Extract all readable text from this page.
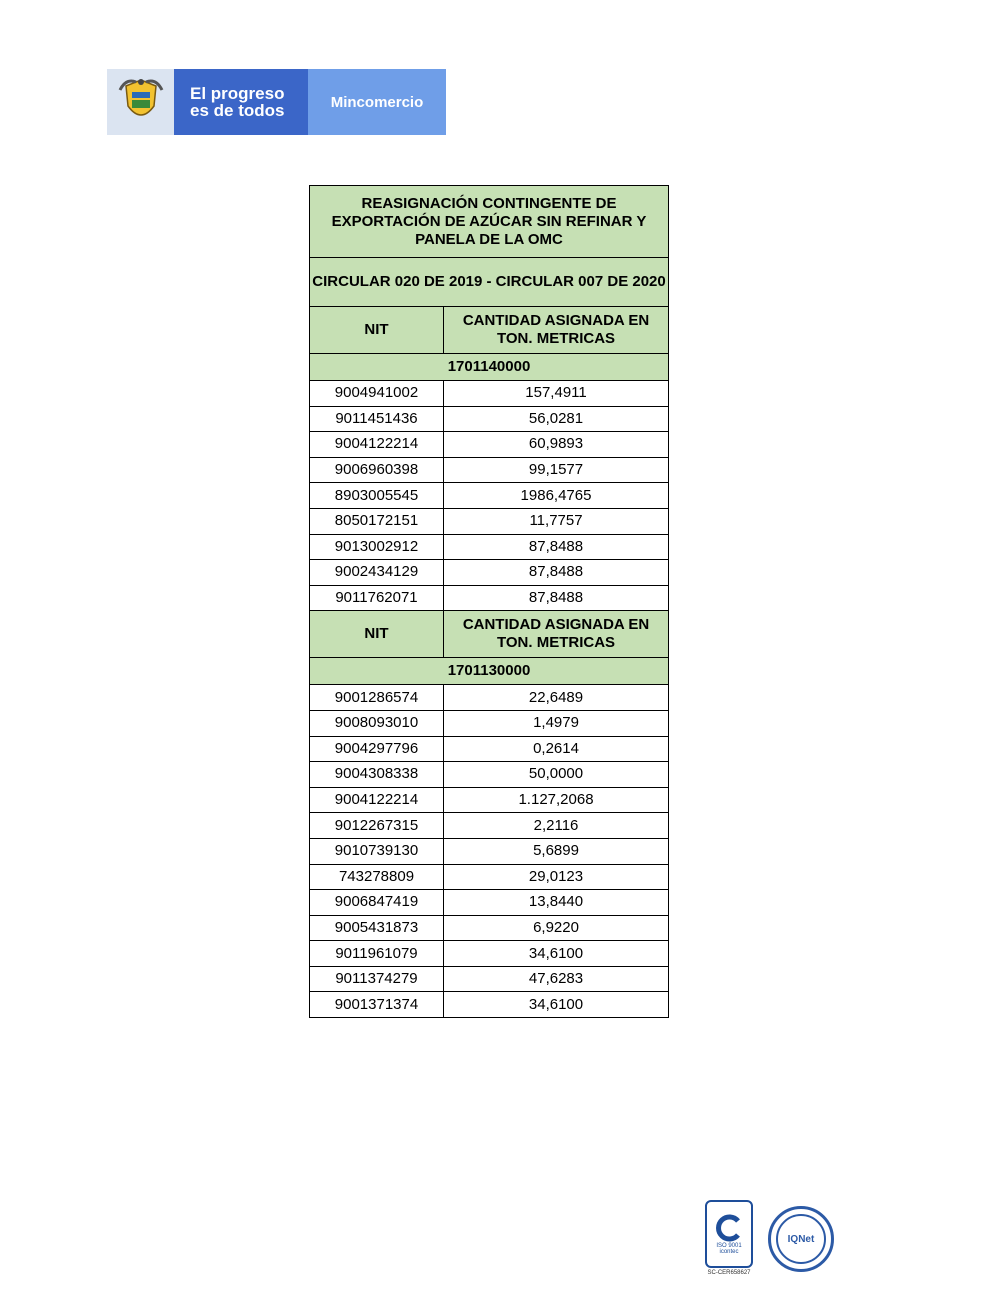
El progreso
es de todos	Mincomercio
REASIGNACIÓN CONTINGENTE DE EXPORTACIÓN DE AZÚCAR SIN REFINAR Y PANELA DE LA OMC	
CIRCULAR 020 DE 2019 - CIRCULAR 007 DE 2020	
NIT	CANTIDAD ASIGNADA EN TON. METRICAS
1701140000	
9004941002	157,4911
9011451436	56,0281
9004122214	60,9893
9006960398	99,1577
8903005545	1986,4765
8050172151	11,7757
9013002912	87,8488
9002434129	87,8488
9011762071	87,8488
NIT	CANTIDAD ASIGNADA EN TON. METRICAS
1701130000	
9001286574	22,6489
9008093010	1,4979
9004297796	0,2614
9004308338	50,0000
9004122214	1.127,2068
9012267315	2,2116
9010739130	5,6899
743278809	29,0123
9006847419	13,8440
9005431873	6,9220
9011961079	34,6100
9011374279	47,6283
9001371374	34,6100
ISO 9001
icontec
SC-CER658627
IQNet
